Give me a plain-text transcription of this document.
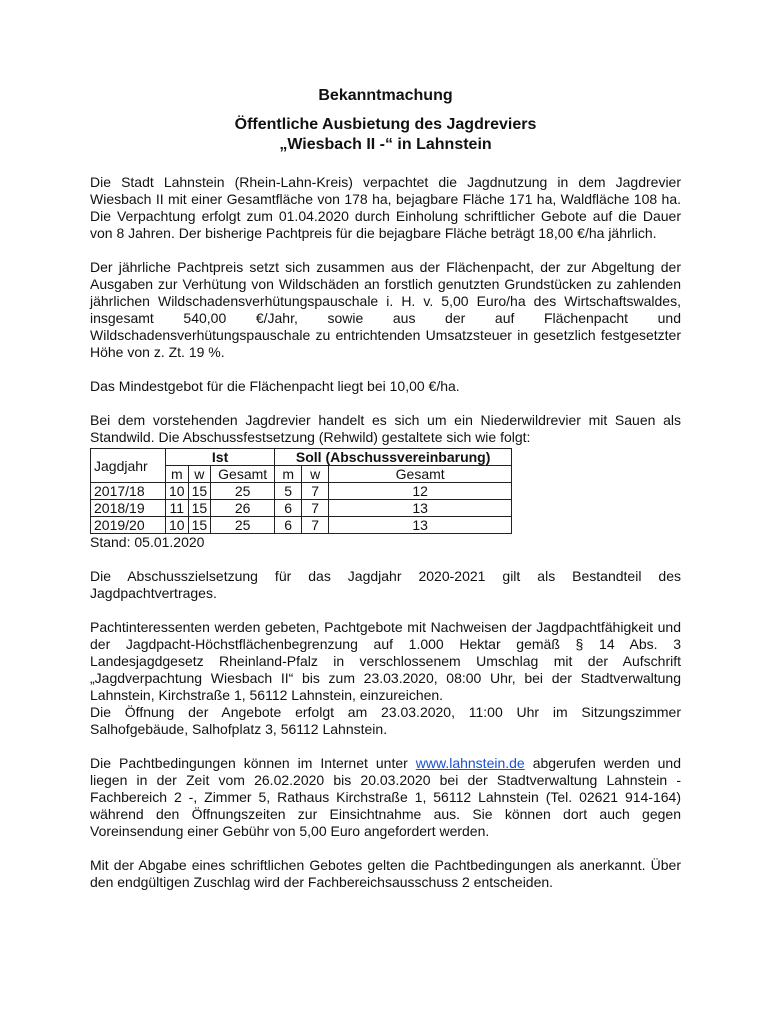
Bekanntmachung
Öffentliche Ausbietung des Jagdreviers
„Wiesbach II -“ in Lahnstein

Die Stadt Lahnstein (Rhein-Lahn-Kreis) verpachtet die Jagdnutzung in dem Jagdrevier Wiesbach II mit einer Gesamtfläche von 178 ha, bejagbare Fläche 171 ha, Waldfläche 108 ha. Die Verpachtung erfolgt zum 01.04.2020 durch Einholung schriftlicher Gebote auf die Dauer von 8 Jahren. Der bisherige Pachtpreis für die bejagbare Fläche beträgt 18,00 €/ha jährlich.

Der jährliche Pachtpreis setzt sich zusammen aus der Flächenpacht, der zur Abgeltung der Ausgaben zur Verhütung von Wildschäden an forstlich genutzten Grundstücken zu zahlenden jährlichen Wildschadensverhütungspauschale i. H. v. 5,00 Euro/ha des Wirtschaftswaldes, insgesamt 540,00 €/Jahr, sowie aus der auf Flächenpacht und Wildschadensverhütungspauschale zu entrichtenden Umsatzsteuer in gesetzlich festgesetzter Höhe von z. Zt. 19 %.

Das Mindestgebot für die Flächenpacht liegt bei 10,00 €/ha.

Bei dem vorstehenden Jagdrevier handelt es sich um ein Niederwildrevier mit Sauen als Standwild. Die Abschussfestsetzung (Rehwild) gestaltete sich wie folgt:

Jagdjahr	Ist			Soll (Abschussvereinbarung)		
	m	w	Gesamt	m	w	Gesamt
2017/18	10	15	25	5	7	12
2018/19	11	15	26	6	7	13
2019/20	10	15	25	6	7	13
Stand: 05.01.2020

Die Abschusszielsetzung für das Jagdjahr 2020-2021 gilt als Bestandteil des Jagdpachtvertrages.

Pachtinteressenten werden gebeten, Pachtgebote mit Nachweisen der Jagdpachtfähigkeit und der Jagdpacht-Höchstflächenbegrenzung auf 1.000 Hektar gemäß § 14 Abs. 3 Landesjagdgesetz Rheinland-Pfalz in verschlossenem Umschlag mit der Aufschrift „Jagdverpachtung Wiesbach II“ bis zum 23.03.2020, 08:00 Uhr, bei der Stadtverwaltung Lahnstein, Kirchstraße 1, 56112 Lahnstein, einzureichen.

Die Öffnung der Angebote erfolgt am 23.03.2020, 11:00 Uhr im Sitzungszimmer Salhofgebäude, Salhofplatz 3, 56112 Lahnstein.

Die Pachtbedingungen können im Internet unter www.lahnstein.de abgerufen werden und liegen in der Zeit vom 26.02.2020 bis 20.03.2020 bei der Stadtverwaltung Lahnstein - Fachbereich 2 -, Zimmer 5, Rathaus Kirchstraße 1, 56112 Lahnstein (Tel. 02621 914-164) während den Öffnungszeiten zur Einsichtnahme aus. Sie können dort auch gegen Voreinsendung einer Gebühr von 5,00 Euro angefordert werden.

Mit der Abgabe eines schriftlichen Gebotes gelten die Pachtbedingungen als anerkannt. Über den endgültigen Zuschlag wird der Fachbereichsausschuss 2 entscheiden.
